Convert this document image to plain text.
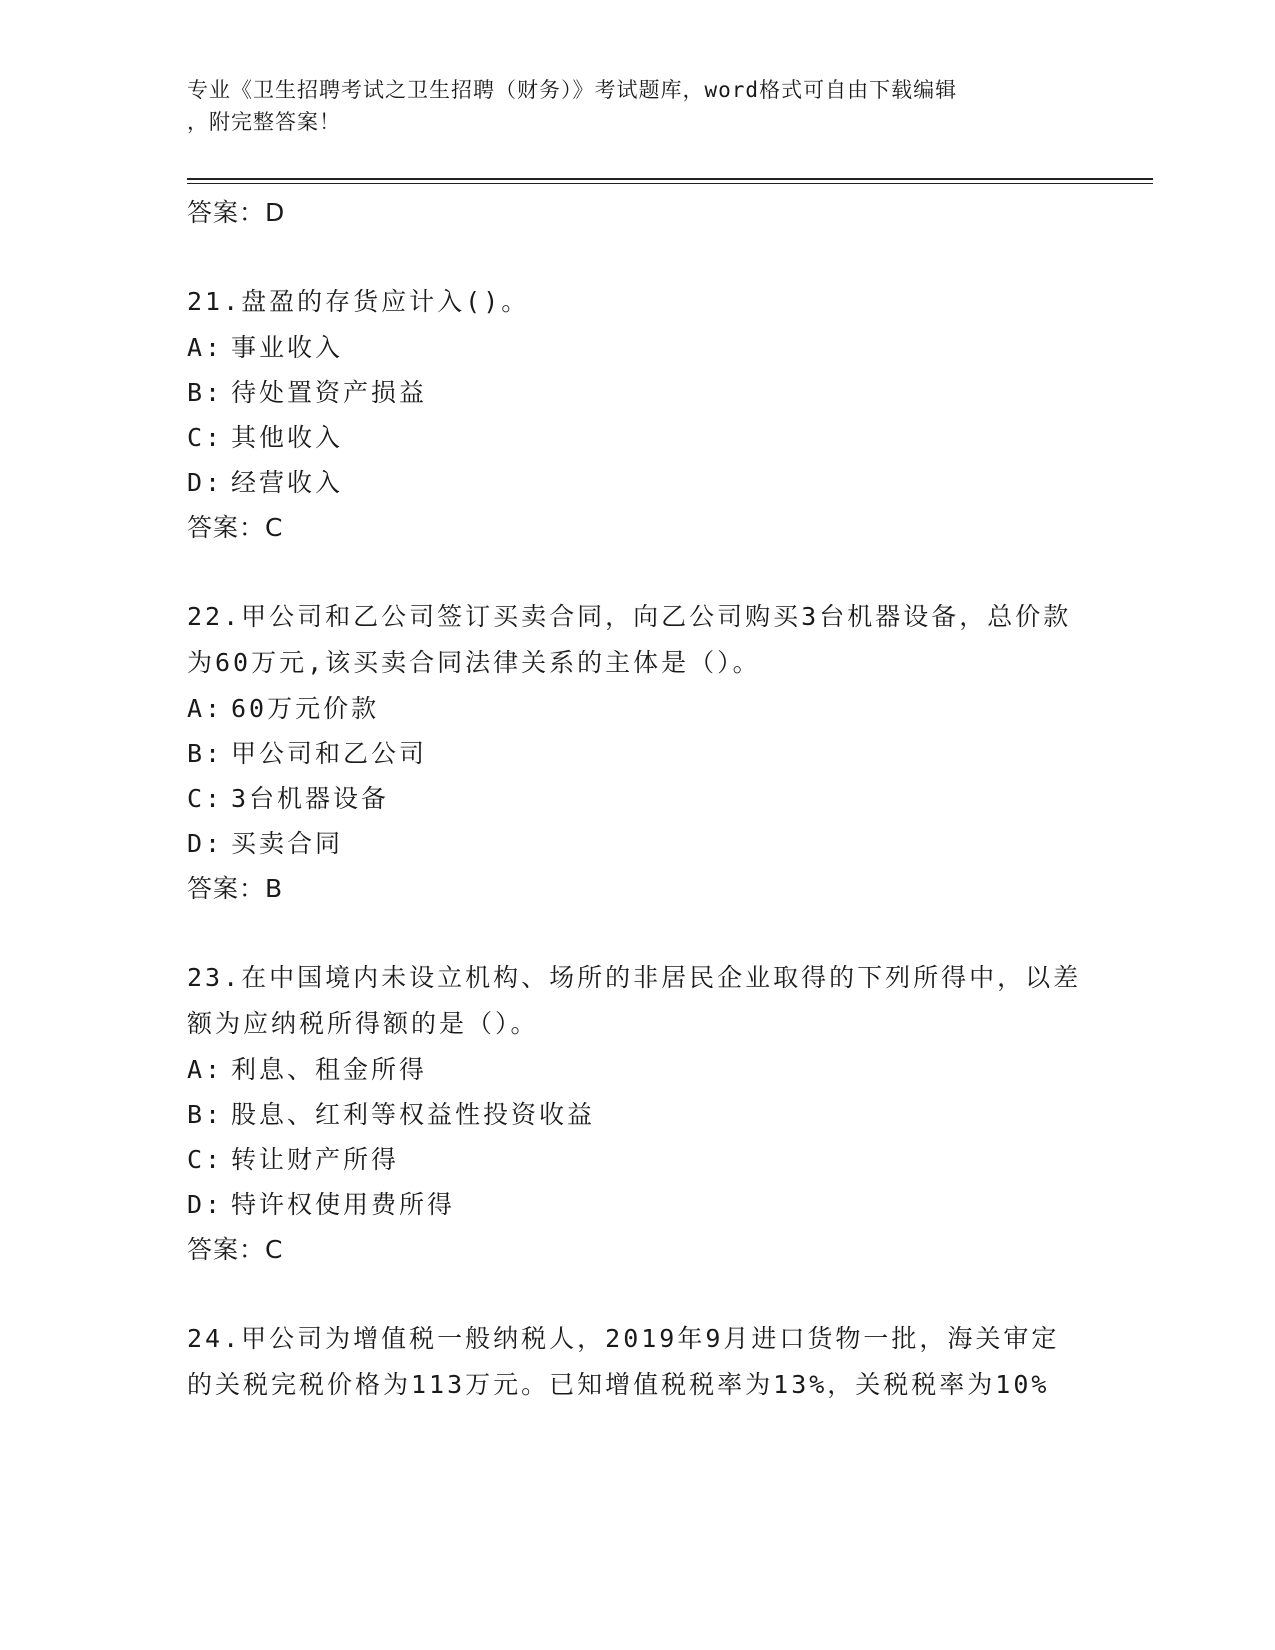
专业《卫生招聘考试之卫生招聘（财务）》考试题库，word格式可自由下载编辑
，附完整答案！
答案：D
21.盘盈的存货应计入()。
A: 事业收入
B: 待处置资产损益
C: 其他收入
D: 经营收入
答案：C
22.甲公司和乙公司签订买卖合同，向乙公司购买3台机器设备，总价款为60万元,该买卖合同法律关系的主体是（）。
A: 60万元价款
B: 甲公司和乙公司
C: 3台机器设备
D: 买卖合同
答案：B
23.在中国境内未设立机构、场所的非居民企业取得的下列所得中，以差额为应纳税所得额的是（）。
A: 利息、租金所得
B: 股息、红利等权益性投资收益
C: 转让财产所得
D: 特许权使用费所得
答案：C
24.甲公司为增值税一般纳税人，2019年9月进口货物一批，海关审定的关税完税价格为113万元。已知增值税税率为13%，关税税率为10%
